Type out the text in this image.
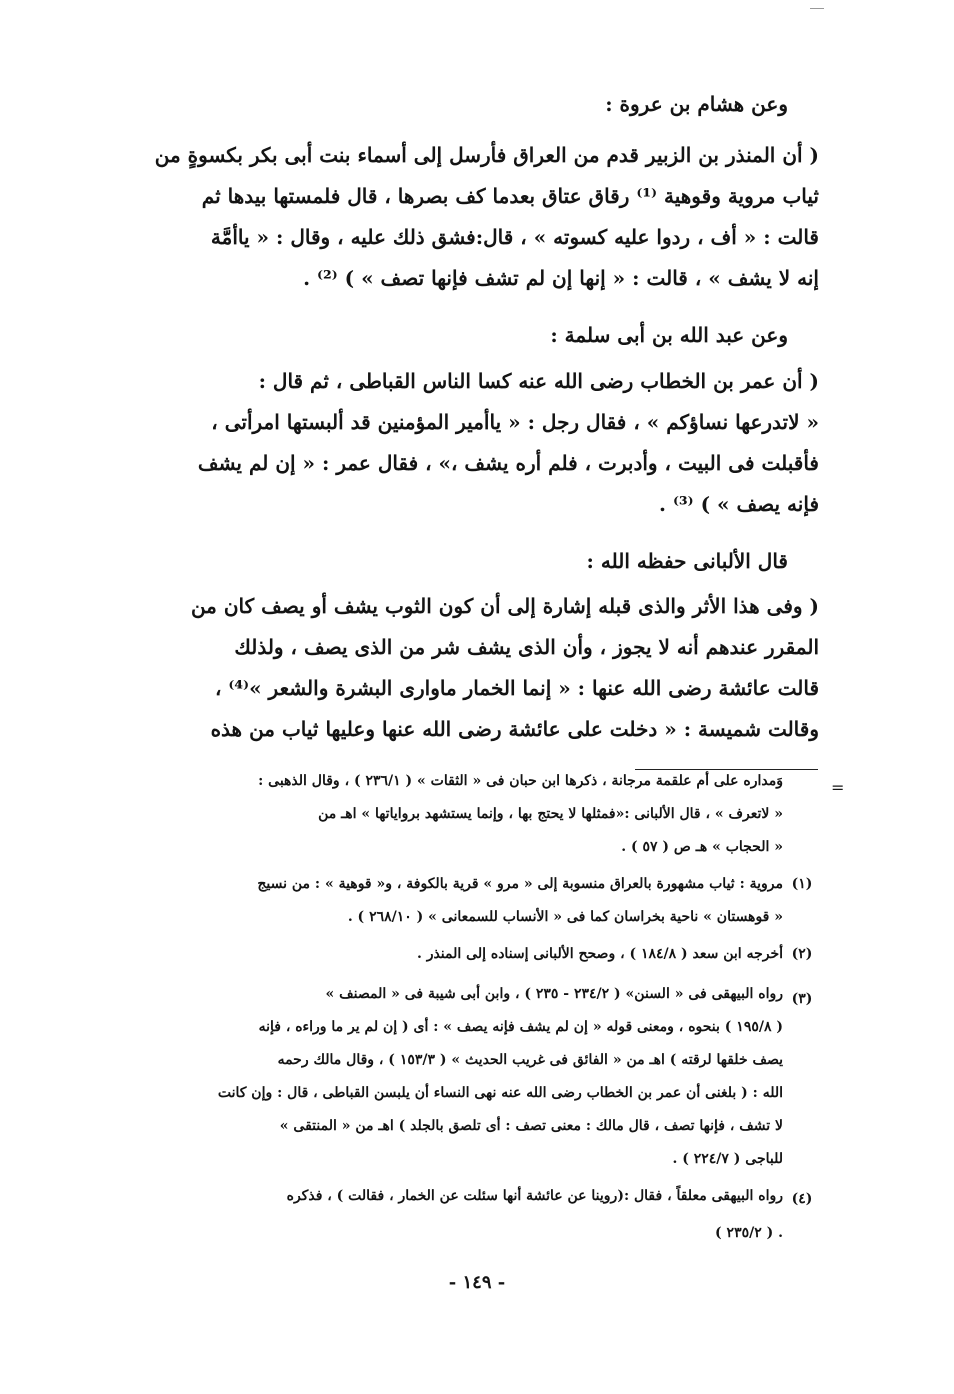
وعن هشام بن عروة :
( أن المنذر بن الزبير قدم من العراق فأرسل إلى أسماء بنت أبى بكر بكسوةٍ من
ثياب مروية وقوهية ⁽¹⁾ رقاق عتاق بعدما كف بصرها ، قال فلمستها بيدها ثم
قالت : « أف ، ردوا عليه كسوته » ، قال:فشق ذلك عليه ، وقال : « ياأمَّة
إنه لا يشف » ، قالت : « إنها إن لم تشف فإنها تصف » ) ⁽²⁾ .
وعن عبد الله بن أبى سلمة :
( أن عمر بن الخطاب رضى الله عنه كسا الناس القباطى ، ثم قال :
« لاتدرعها نساؤكم » ، فقال رجل : « ياأمير المؤمنين قد ألبستها امرأتى ،
فأقبلت فى البيت ، وأدبرت ، فلم أره يشف ،» ، فقال عمر : « إن لم يشف
فإنه يصف » ) ⁽³⁾ .
قال الألبانى حفظه الله :
( وفى هذا الأثر والذى قبله إشارة إلى أن كون الثوب يشف أو يصف كان من
المقرر عندهم أنه لا يجوز ، وأن الذى يشف شر من الذى يصف ، ولذلك
قالت عائشة رضى الله عنها : « إنما الخمار ماوارى البشرة والشعر »⁽⁴⁾ ،
وقالت شميسة : « دخلت على عائشة رضى الله عنها وعليها ثياب من هذه
=
وَمداره على أم علقمة مرجانة ، ذكرها ابن حبان فى « الثقات » ( ٢٣٦/١ ) ، وقال الذهبى :
« لاتعرف » ، قال الألبانى :«فمثلها لا يحتج بها ، وإنما يستشهد برواياتها » اهـ من
« الحجاب » هـ ص ( ٥٧ ) .
(١)
مروية : ثياب مشهورة بالعراق منسوبة إلى « مرو » قرية بالكوفة ، و« قوهية » : من نسيج
« قوهستان » ناحية بخراسان كما فى « الأنساب للسمعانى » ( ٢٦٨/١٠ ) .
(٢)
أخرجه ابن سعد ( ١٨٤/٨ ) ، وصحح الألبانى إسناده إلى المنذر .
(٣)
رواه البيهقى فى « السنن» ( ٢٣٤/٢ - ٢٣٥ ) ، وابن أبى شيبة فى « المصنف »
( ١٩٥/٨ ) بنحوه ، ومعنى قوله « إن لم يشف فإنه يصف » : أى ( إن لم ير ما وراءه ، فإنه
يصف خلقها لرقته ) اهـ من « الفائق فى غريب الحديث » ( ١٥٣/٣ ) ، وقال مالك رحمه
الله : ( بلغنى أن عمر بن الخطاب رضى الله عنه نهى النساء أن يلبسن القباطى ، قال : وإن كانت
لا تشف ، فإنها تصف ، قال مالك : معنى تصف : أى تلصق بالجلد ) اهـ من « المنتقى »
للباجى ( ٢٢٤/٧ ) .
(٤)
رواه البيهقى معلقاً ، فقال :(روينا عن عائشة أنها سئلت عن الخمار ، فقالت ) ، فذكره
( ٢٣٥/٢ ) .
- ١٤٩ -
